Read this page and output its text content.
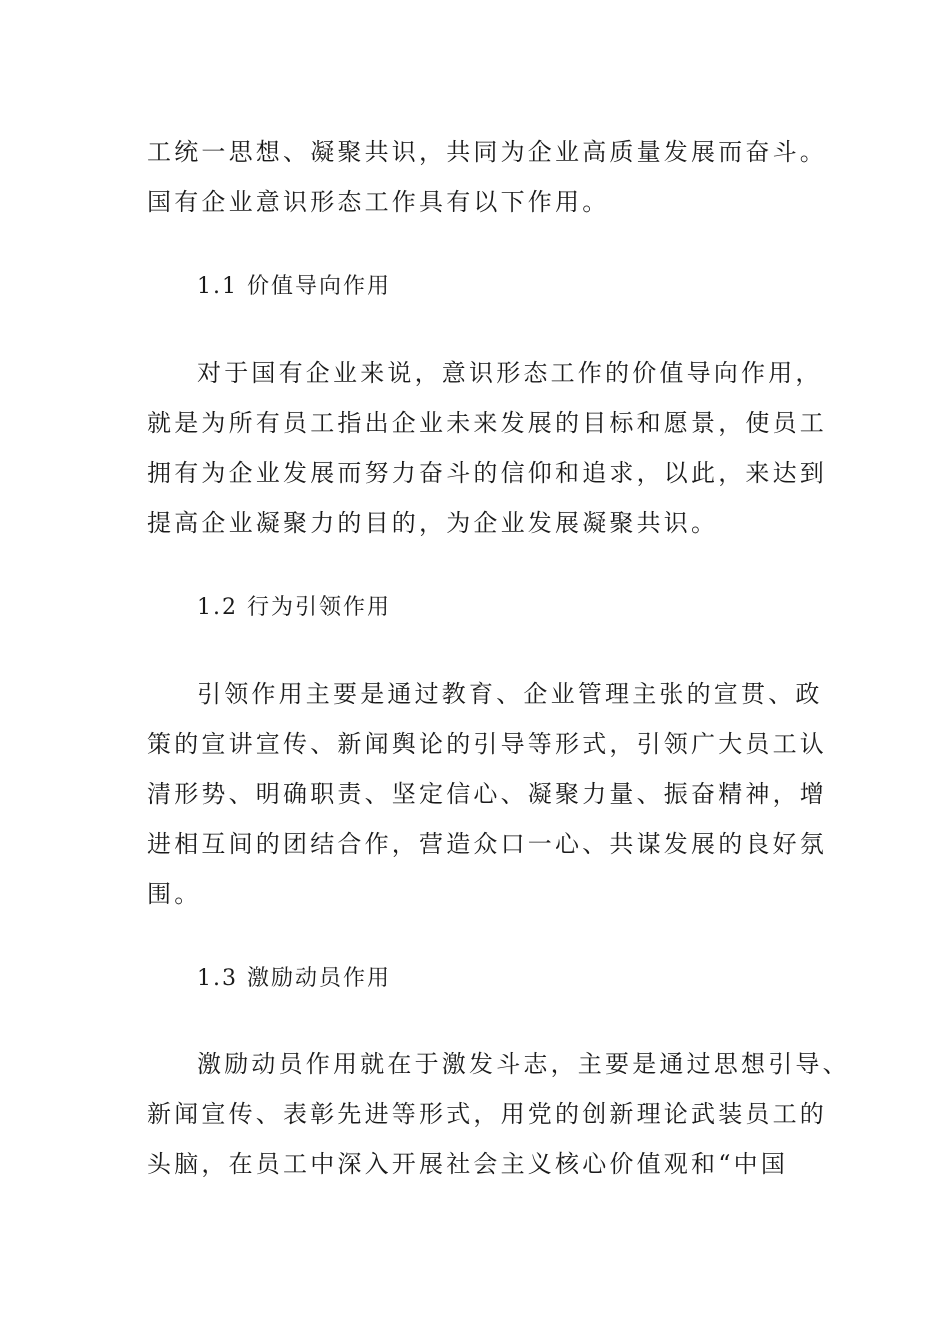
工统一思想、凝聚共识，共同为企业高质量发展而奋斗。
国有企业意识形态工作具有以下作用。
1.1 价值导向作用
对于国有企业来说，意识形态工作的价值导向作用，
就是为所有员工指出企业未来发展的目标和愿景，使员工
拥有为企业发展而努力奋斗的信仰和追求，以此，来达到
提高企业凝聚力的目的，为企业发展凝聚共识。
1.2 行为引领作用
引领作用主要是通过教育、企业管理主张的宣贯、政
策的宣讲宣传、新闻舆论的引导等形式，引领广大员工认
清形势、明确职责、坚定信心、凝聚力量、振奋精神，增
进相互间的团结合作，营造众口一心、共谋发展的良好氛
围。
1.3 激励动员作用
激励动员作用就在于激发斗志，主要是通过思想引导、
新闻宣传、表彰先进等形式，用党的创新理论武装员工的
头脑，在员工中深入开展社会主义核心价值观和“中国
